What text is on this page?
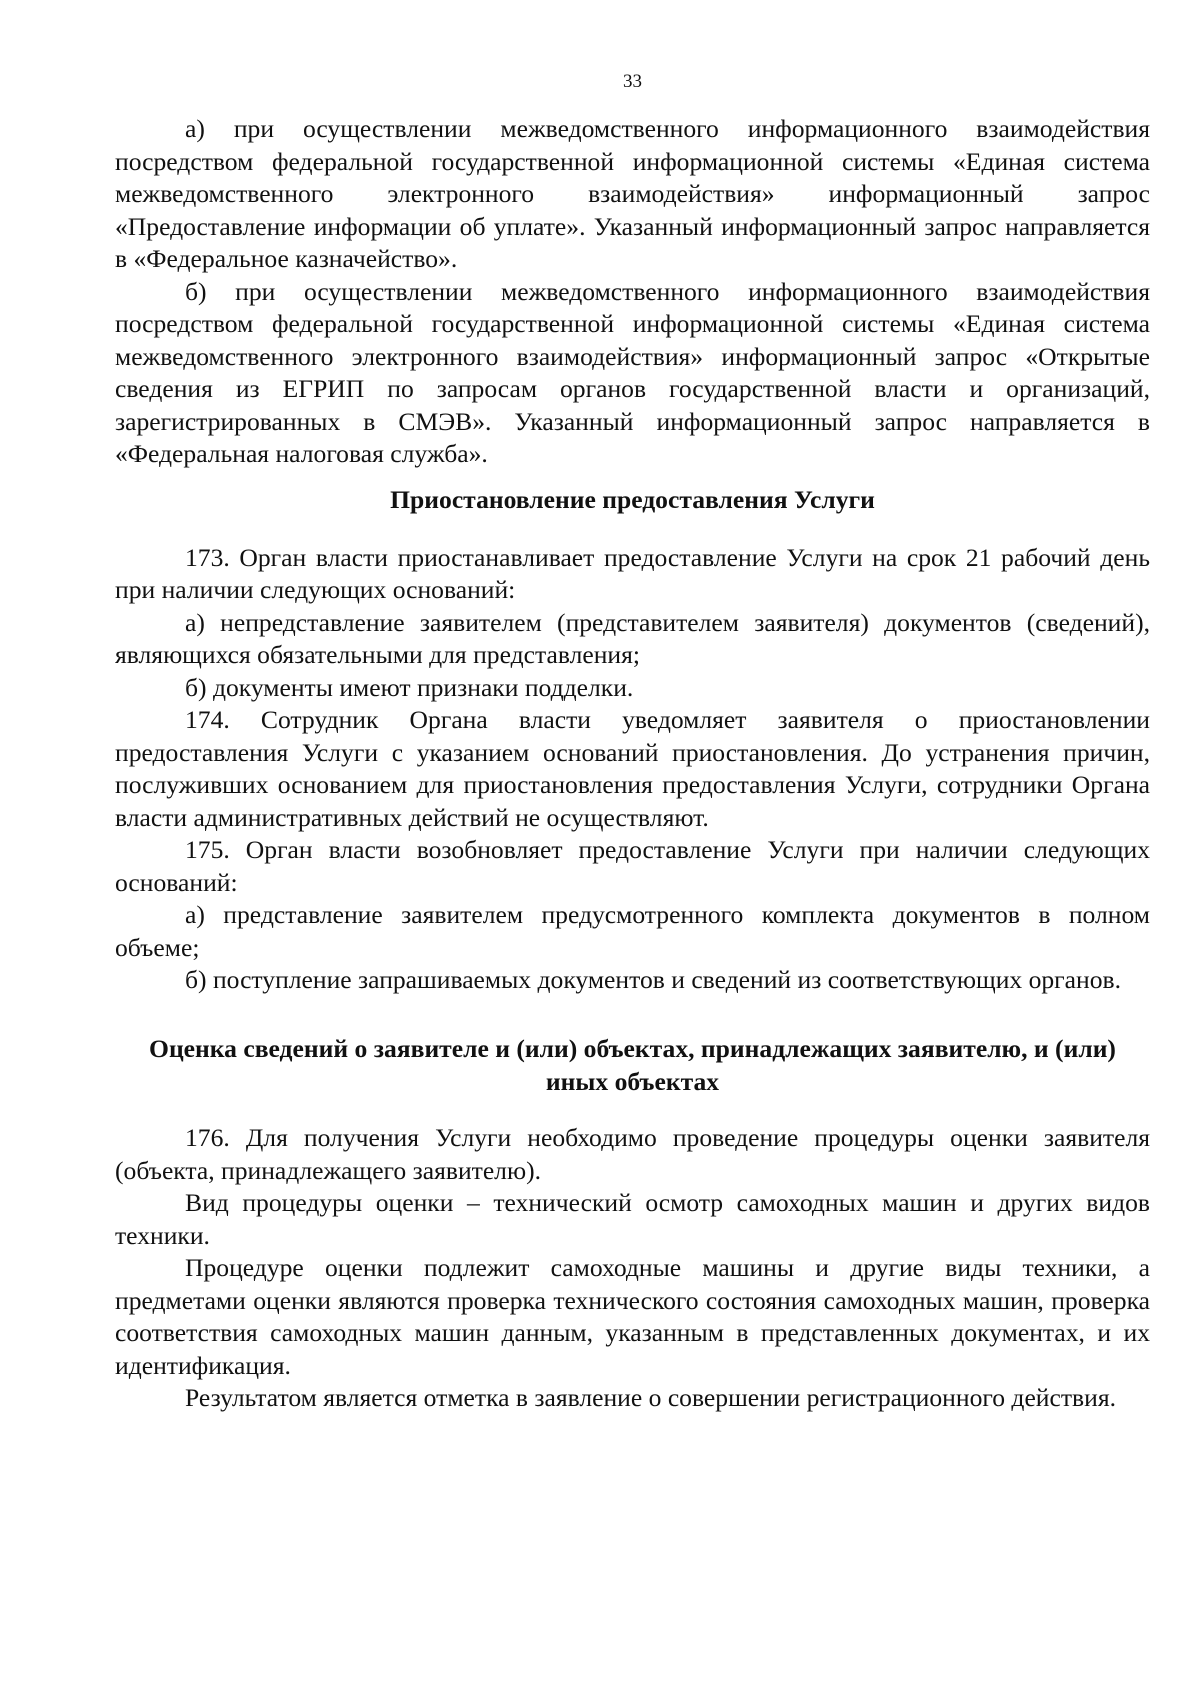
33

а) при осуществлении межведомственного информационного взаимодействия посредством федеральной государственной информационной системы «Единая система межведомственного электронного взаимодействия» информационный запрос «Предоставление информации об уплате». Указанный информационный запрос направляется в «Федеральное казначейство».

б) при осуществлении межведомственного информационного взаимодействия посредством федеральной государственной информационной системы «Единая система межведомственного электронного взаимодействия» информационный запрос «Открытые сведения из ЕГРИП по запросам органов государственной власти и организаций, зарегистрированных в СМЭВ». Указанный информационный запрос направляется в «Федеральная налоговая служба».

Приостановление предоставления Услуги

173. Орган власти приостанавливает предоставление Услуги на срок 21 рабочий день при наличии следующих оснований:

а) непредставление заявителем (представителем заявителя) документов (сведений), являющихся обязательными для представления;

б) документы имеют признаки подделки.

174. Сотрудник Органа власти уведомляет заявителя о приостановлении предоставления Услуги с указанием оснований приостановления. До устранения причин, послуживших основанием для приостановления предоставления Услуги, сотрудники Органа власти административных действий не осуществляют.

175. Орган власти возобновляет предоставление Услуги при наличии следующих оснований:

а) представление заявителем предусмотренного комплекта документов в полном объеме;

б) поступление запрашиваемых документов и сведений из соответствующих органов.

Оценка сведений о заявителе и (или) объектах, принадлежащих заявителю, и (или) иных объектах

176. Для получения Услуги необходимо проведение процедуры оценки заявителя (объекта, принадлежащего заявителю).

Вид процедуры оценки – технический осмотр самоходных машин и других видов техники.

Процедуре оценки подлежит самоходные машины и другие виды техники, а предметами оценки являются проверка технического состояния самоходных машин, проверка соответствия самоходных машин данным, указанным в представленных документах, и их идентификация.

Результатом является отметка в заявление о совершении регистрационного действия.
